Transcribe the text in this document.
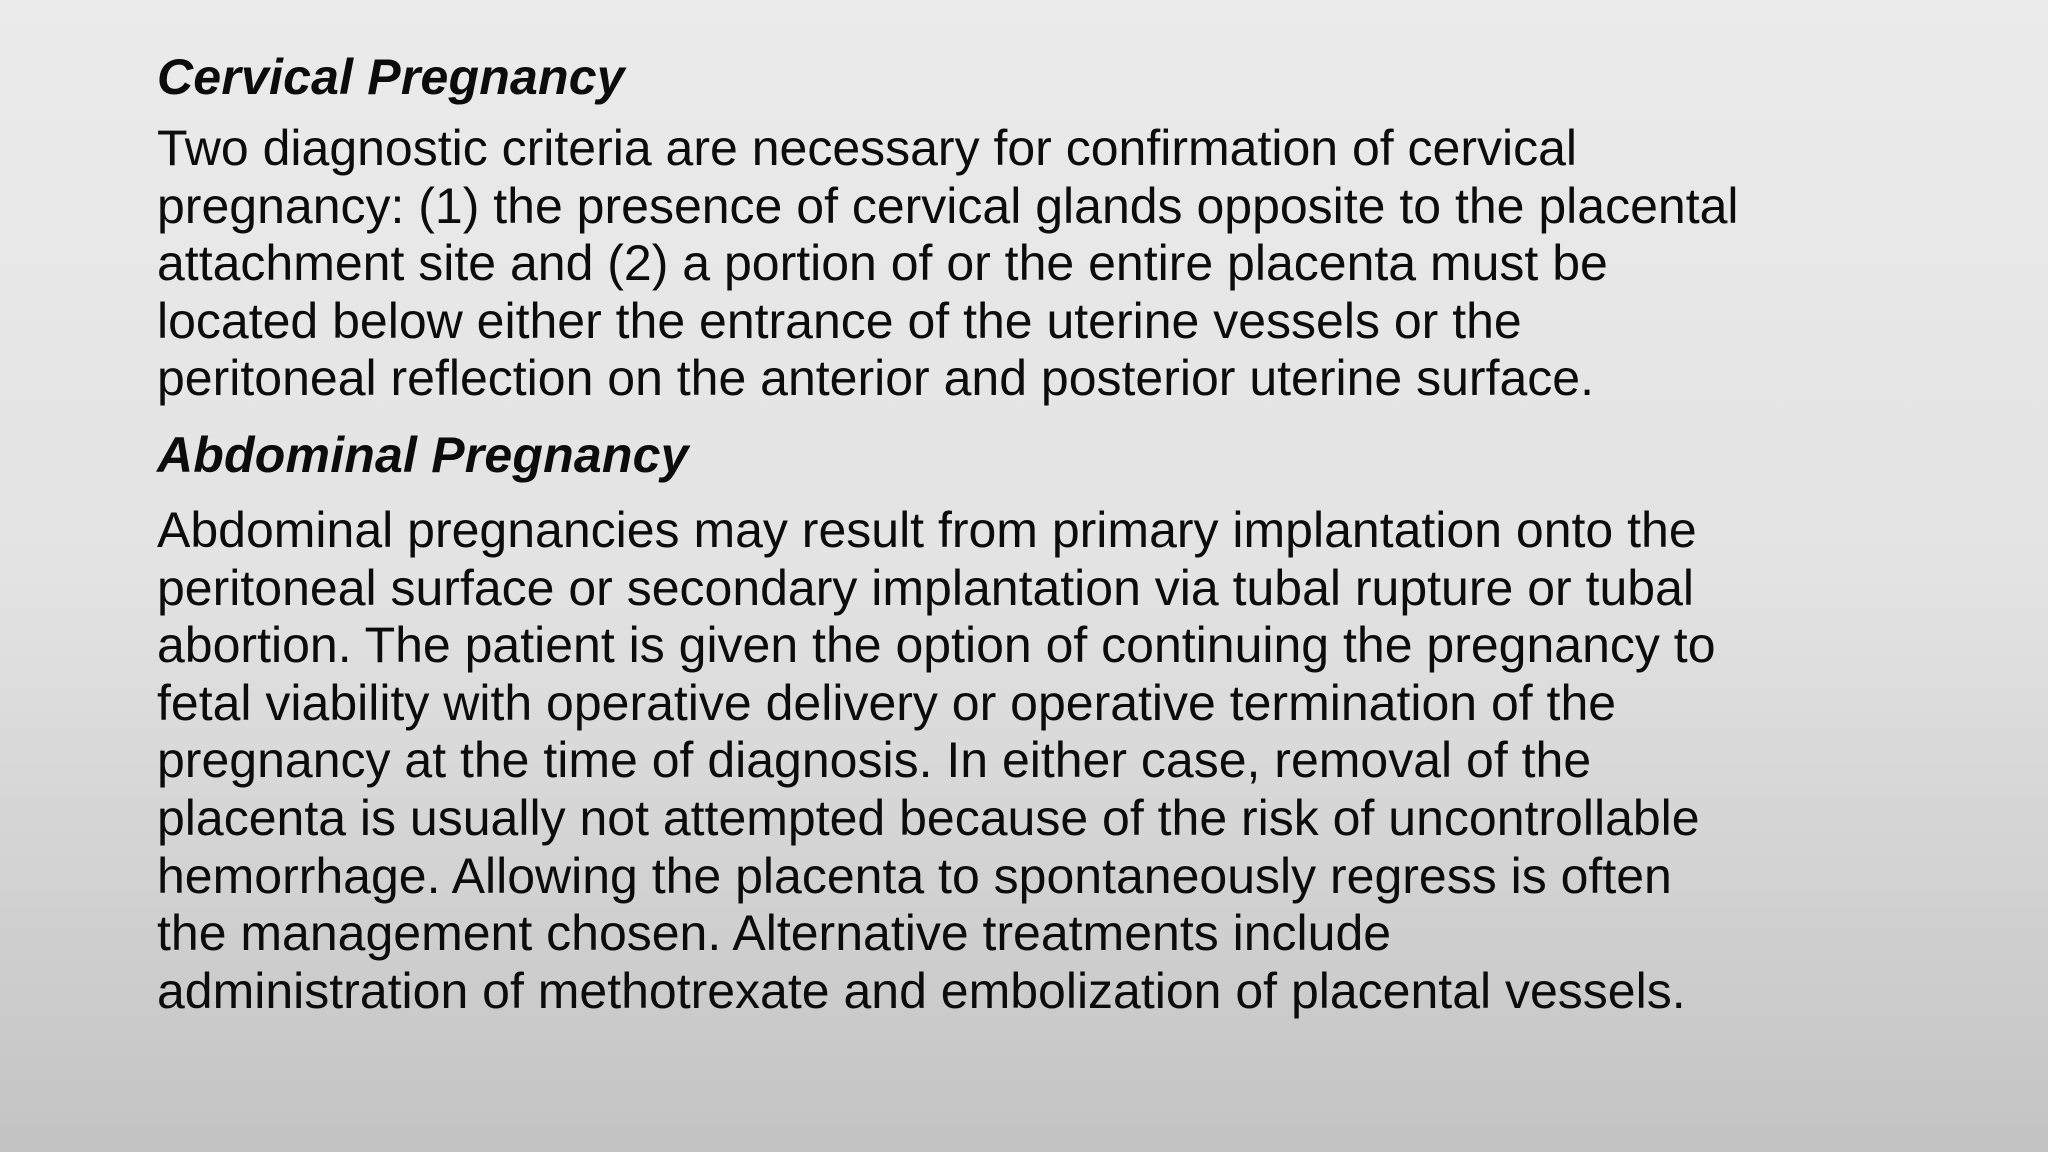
Cervical Pregnancy

Two diagnostic criteria are necessary for confirmation of cervical
pregnancy: (1) the presence of cervical glands opposite to the placental
attachment site and (2) a portion of or the entire placenta must be
located below either the entrance of the uterine vessels or the
peritoneal reflection on the anterior and posterior uterine surface.

Abdominal Pregnancy

Abdominal pregnancies may result from primary implantation onto the
peritoneal surface or secondary implantation via tubal rupture or tubal
abortion. The patient is given the option of continuing the pregnancy to
fetal viability with operative delivery or operative termination of the
pregnancy at the time of diagnosis. In either case, removal of the
placenta is usually not attempted because of the risk of uncontrollable
hemorrhage. Allowing the placenta to spontaneously regress is often
the management chosen. Alternative treatments include
administration of methotrexate and embolization of placental vessels.
